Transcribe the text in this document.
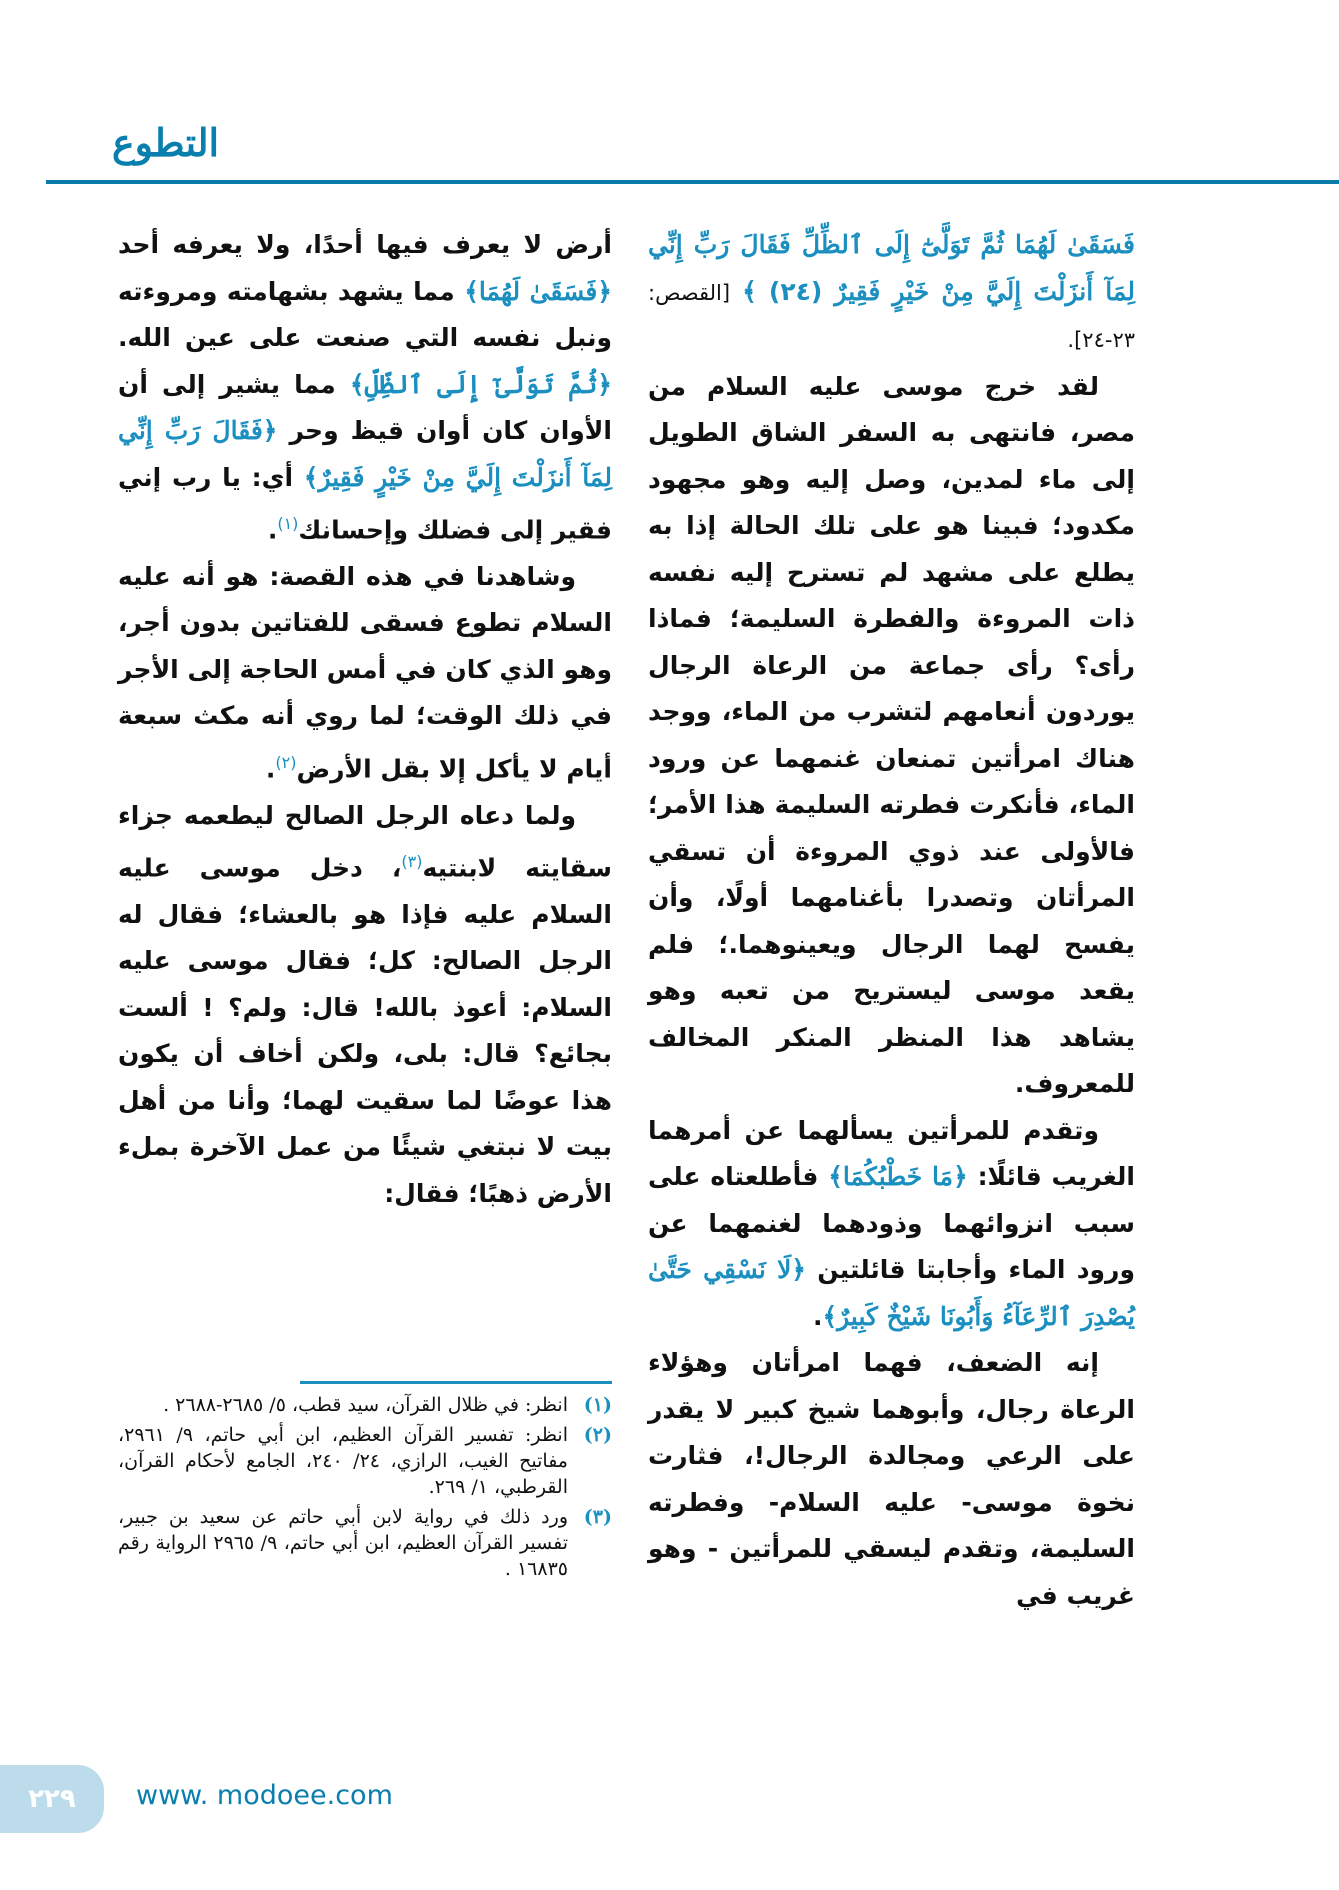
التطوع

فَسَقَىٰ لَهُمَا ثُمَّ تَوَلَّىٰٓ إِلَى ٱلظِّلِّ فَقَالَ رَبِّ إِنِّي لِمَآ أَنزَلْتَ إِلَيَّ مِنْ خَيْرٍ فَقِيرٌ (٢٤) ﴾ [القصص: ٢٣-٢٤].

لقد خرج موسى عليه السلام من مصر، فانتهى به السفر الشاق الطويل إلى ماء لمدين، وصل إليه وهو مجهود مكدود؛ فبينا هو على تلك الحالة إذا به يطلع على مشهد لم تسترح إليه نفسه ذات المروءة والفطرة السليمة؛ فماذا رأى؟ رأى جماعة من الرعاة الرجال يوردون أنعامهم لتشرب من الماء، ووجد هناك امرأتين تمنعان غنمهما عن ورود الماء، فأنكرت فطرته السليمة هذا الأمر؛ فالأولى عند ذوي المروءة أن تسقي المرأتان وتصدرا بأغنامهما أولًا، وأن يفسح لهما الرجال ويعينوهما.؛ فلم يقعد موسى ليستريح من تعبه وهو يشاهد هذا المنظر المنكر المخالف للمعروف.

وتقدم للمرأتين يسألهما عن أمرهما الغريب قائلًا: ﴿مَا خَطْبُكُمَا﴾ فأطلعتاه على سبب انزوائهما وذودهما لغنمهما عن ورود الماء وأجابتا قائلتين ﴿لَا نَسْقِي حَتَّىٰ يُصْدِرَ ٱلرِّعَآءُ وَأَبُونَا شَيْخٌ كَبِيرٌ﴾.

إنه الضعف، فهما امرأتان وهؤلاء الرعاة رجال، وأبوهما شيخ كبير لا يقدر على الرعي ومجالدة الرجال!، فثارت نخوة موسى- عليه السلام- وفطرته السليمة، وتقدم ليسقي للمرأتين - وهو غريب في

أرض لا يعرف فيها أحدًا، ولا يعرفه أحد ﴿فَسَقَىٰ لَهُمَا﴾ مما يشهد بشهامته ومروءته ونبل نفسه التي صنعت على عين الله. ﴿ثُمَّ تَوَلَّىٰٓ إِلَى ٱلظِّلِّ﴾ مما يشير إلى أن الأوان كان أوان قيظ وحر ﴿فَقَالَ رَبِّ إِنِّي لِمَآ أَنزَلْتَ إِلَيَّ مِنْ خَيْرٍ فَقِيرٌ﴾ أي: يا رب إني فقير إلى فضلك وإحسانك$^{(١)}$.

وشاهدنا في هذه القصة: هو أنه عليه السلام تطوع فسقى للفتاتين بدون أجر، وهو الذي كان في أمس الحاجة إلى الأجر في ذلك الوقت؛ لما روي أنه مكث سبعة أيام لا يأكل إلا بقل الأرض$^{(٢)}$.

ولما دعاه الرجل الصالح ليطعمه جزاء سقايته لابنتيه$^{(٣)}$، دخل موسى عليه السلام عليه فإذا هو بالعشاء؛ فقال له الرجل الصالح: كل؛ فقال موسى عليه السلام: أعوذ بالله! قال: ولم؟ ! ألست بجائع؟ قال: بلى، ولكن أخاف أن يكون هذا عوضًا لما سقيت لهما؛ وأنا من أهل بيت لا نبتغي شيئًا من عمل الآخرة بملء الأرض ذهبًا؛ فقال:

(١)
انظر: في ظلال القرآن، سيد قطب، ٥/ ٢٦٨٥-٢٦٨٨ .
(٢)
انظر: تفسير القرآن العظيم، ابن أبي حاتم، ٩/ ٢٩٦١، مفاتيح الغيب، الرازي، ٢٤/ ٢٤٠، الجامع لأحكام القرآن، القرطبي، ١/ ٢٦٩.
(٣)
ورد ذلك في رواية لابن أبي حاتم عن سعيد بن جبير، تفسير القرآن العظيم، ابن أبي حاتم، ٩/ ٢٩٦٥ الرواية رقم ١٦٨٣٥ .
٢٢٩	www. modoee.com
